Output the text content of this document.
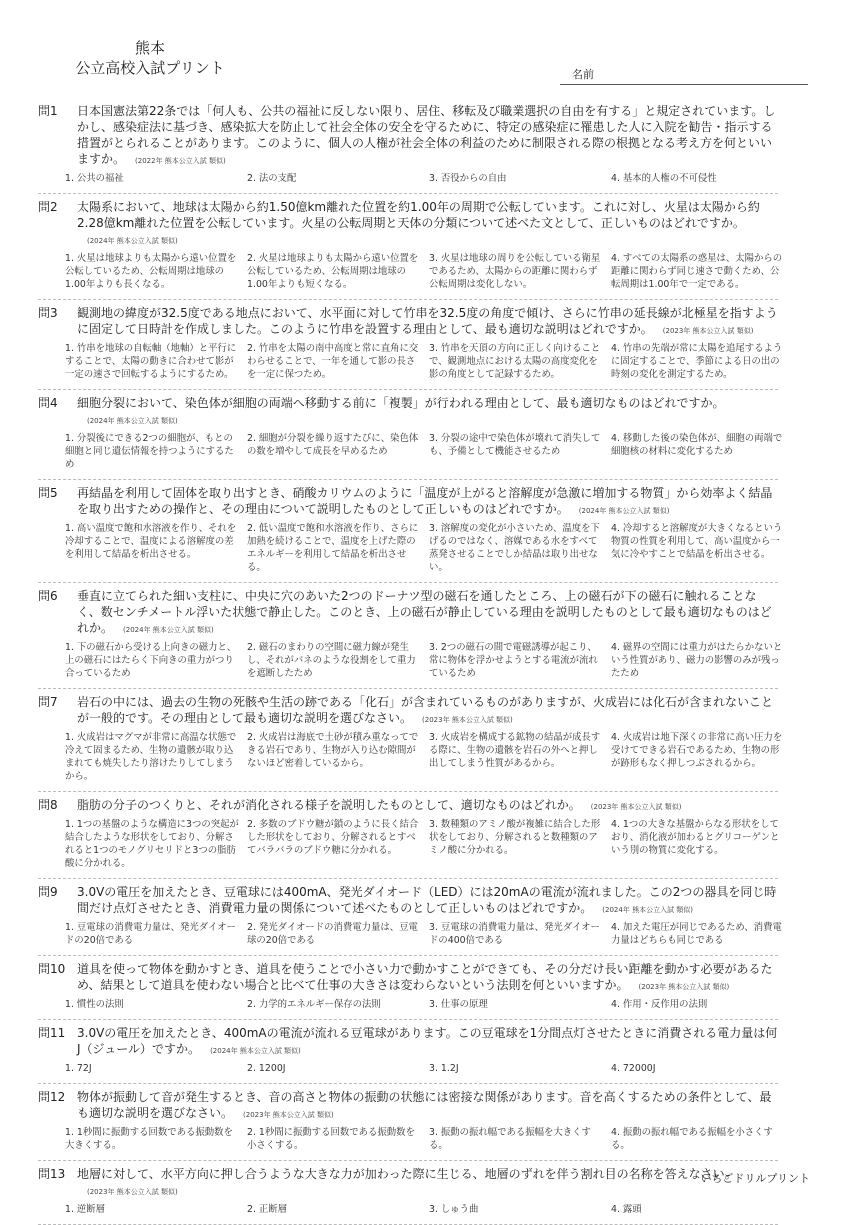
熊本
公立高校入試プリント	名前
問1	日本国憲法第22条では「何人も、公共の福祉に反しない限り、居住、移転及び職業選択の自由を有する」と規定されています。しかし、感染症法に基づき、感染拡大を防止して社会全体の安全を守るために、特定の感染症に罹患した人に入院を勧告・指示する措置がとられることがあります。このように、個人の人権が社会全体の利益のために制限される際の根拠となる考え方を何といいますか。 (2022年 熊本公立入試 類似)
1. 公共の福祉	2. 法の支配	3. 否役からの自由	4. 基本的人権の不可侵性
問2	太陽系において、地球は太陽から約1.50億km離れた位置を約1.00年の周期で公転しています。これに対し、火星は太陽から約2.28億km離れた位置を公転しています。火星の公転周期と天体の分類について述べた文として、正しいものはどれですか。(2024年 熊本公立入試 類似)
1. 火星は地球よりも太陽から遠い位置を公転しているため、公転周期は地球の1.00年よりも長くなる。
2. 火星は地球よりも太陽から遠い位置を公転しているため、公転周期は地球の1.00年よりも短くなる。
3. 火星は地球の周りを公転している衛星であるため、太陽からの距離に関わらず公転周期は変化しない。
4. すべての太陽系の惑星は、太陽からの距離に関わらず同じ速さで動くため、公転周期は1.00年で一定である。
問3	観測地の緯度が32.5度である地点において、水平面に対して竹串を32.5度の角度で傾け、さらに竹串の延長線が北極星を指すように固定して日時計を作成しました。このように竹串を設置する理由として、最も適切な説明はどれですか。 (2023年 熊本公立入試 類似)
1. 竹串を地球の自転軸（地軸）と平行にすることで、太陽の動きに合わせて影が一定の速さで回転するようにするため。
2. 竹串を太陽の南中高度と常に直角に交わらせることで、一年を通して影の長さを一定に保つため。
3. 竹串を天頂の方向に正しく向けることで、観測地点における太陽の高度変化を影の角度として記録するため。
4. 竹串の先端が常に太陽を追尾するように固定することで、季節による日の出の時刻の変化を測定するため。
問4	細胞分裂において、染色体が細胞の両端へ移動する前に「複製」が行われる理由として、最も適切なものはどれですか。(2024年 熊本公立入試 類似)
1. 分裂後にできる2つの細胞が、もとの細胞と同じ遺伝情報を持つようにするため
2. 細胞が分裂を繰り返すたびに、染色体の数を増やして成長を早めるため
3. 分裂の途中で染色体が壊れて消失しても、予備として機能させるため
4. 移動した後の染色体が、細胞の両端で細胞核の材料に変化するため
問5	再結晶を利用して固体を取り出すとき、硝酸カリウムのように「温度が上がると溶解度が急激に増加する物質」から効率よく結晶を取り出すための操作と、その理由について説明したものとして正しいものはどれですか。 (2024年 熊本公立入試 類似)
1. 高い温度で飽和水溶液を作り、それを冷却することで、温度による溶解度の差を利用して結晶を析出させる。
2. 低い温度で飽和水溶液を作り、さらに加熱を続けることで、温度を上げた際のエネルギーを利用して結晶を析出させる。
3. 溶解度の変化が小さいため、温度を下げるのではなく、溶媒である水をすべて蒸発させることでしか結晶は取り出せない。
4. 冷却すると溶解度が大きくなるという物質の性質を利用して、高い温度から一気に冷やすことで結晶を析出させる。
問6	垂直に立てられた細い支柱に、中央に穴のあいた2つのドーナツ型の磁石を通したところ、上の磁石が下の磁石に触れることなく、数センチメートル浮いた状態で静止した。このとき、上の磁石が静止している理由を説明したものとして最も適切なものはどれか。 (2024年 熊本公立入試 類似)
1. 下の磁石から受ける上向きの磁力と、上の磁石にはたらく下向きの重力がつり合っているため
2. 磁石のまわりの空間に磁力線が発生し、それがバネのような役割をして重力を遮断したため
3. 2つの磁石の間で電磁誘導が起こり、常に物体を浮かせようとする電流が流れているため
4. 磁界の空間には重力がはたらかないという性質があり、磁力の影響のみが残ったため
問7	岩石の中には、過去の生物の死骸や生活の跡である「化石」が含まれているものがありますが、火成岩には化石が含まれないことが一般的です。その理由として最も適切な説明を選びなさい。 (2023年 熊本公立入試 類似)
1. 火成岩はマグマが非常に高温な状態で冷えて固まるため、生物の遺骸が取り込まれても焼失したり溶けたりしてしまうから。
2. 火成岩は海底で土砂が積み重なってできる岩石であり、生物が入り込む隙間がないほど密着しているから。
3. 火成岩を構成する鉱物の結晶が成長する際に、生物の遺骸を岩石の外へと押し出してしまう性質があるから。
4. 火成岩は地下深くの非常に高い圧力を受けてできる岩石であるため、生物の形が跡形もなく押しつぶされるから。
問8	脂肪の分子のつくりと、それが消化される様子を説明したものとして、適切なものはどれか。 (2023年 熊本公立入試 類似)
1. 1つの基盤のような構造に3つの突起が結合したような形状をしており、分解されると1つのモノグリセリドと3つの脂肪酸に分かれる。
2. 多数のブドウ糖が鎖のように長く結合した形状をしており、分解されるとすべてバラバラのブドウ糖に分かれる。
3. 数種類のアミノ酸が複雑に結合した形状をしており、分解されると数種類のアミノ酸に分かれる。
4. 1つの大きな基盤からなる形状をしており、消化液が加わるとグリコーゲンという別の物質に変化する。
問9	3.0Vの電圧を加えたとき、豆電球には400mA、発光ダイオード（LED）には20mAの電流が流れました。この2つの器具を同じ時間だけ点灯させたとき、消費電力量の関係について述べたものとして正しいものはどれですか。 (2024年 熊本公立入試 類似)
1. 豆電球の消費電力量は、発光ダイオードの20倍である
2. 発光ダイオードの消費電力量は、豆電球の20倍である
3. 豆電球の消費電力量は、発光ダイオードの400倍である
4. 加えた電圧が同じであるため、消費電力量はどちらも同じである
問10 道具を使って物体を動かすとき、道具を使うことで小さい力で動かすことができても、その分だけ長い距離を動かす必要があるため、結果として道具を使わない場合と比べて仕事の大きさは変わらないという法則を何といいますか。 (2023年 熊本公立入試 類似)
1. 慣性の法則	2. 力学的エネルギー保存の法則	3. 仕事の原理	4. 作用・反作用の法則
問11 3.0Vの電圧を加えたとき、400mAの電流が流れる豆電球があります。この豆電球を1分間点灯させたときに消費される電力量は何J（ジュール）ですか。 (2024年 熊本公立入試 類似)
1. 72J	2. 1200J	3. 1.2J	4. 72000J
問12 物体が振動して音が発生するとき、音の高さと物体の振動の状態には密接な関係があります。音を高くするための条件として、最も適切な説明を選びなさい。 (2023年 熊本公立入試 類似)
1. 1秒間に振動する回数である振動数を大きくする。
2. 1秒間に振動する回数である振動数を小さくする。
3. 振動の振れ幅である振幅を大きくする。
4. 振動の振れ幅である振幅を小さくする。
問13 地層に対して、水平方向に押し合うような大きな力が加わった際に生じる、地層のずれを伴う割れ目の名称を答えなさい。(2023年 熊本公立入試 類似)
1. 逆断層	2. 正断層	3. しゅう曲	4. 露頭
いちごドリルプリント
